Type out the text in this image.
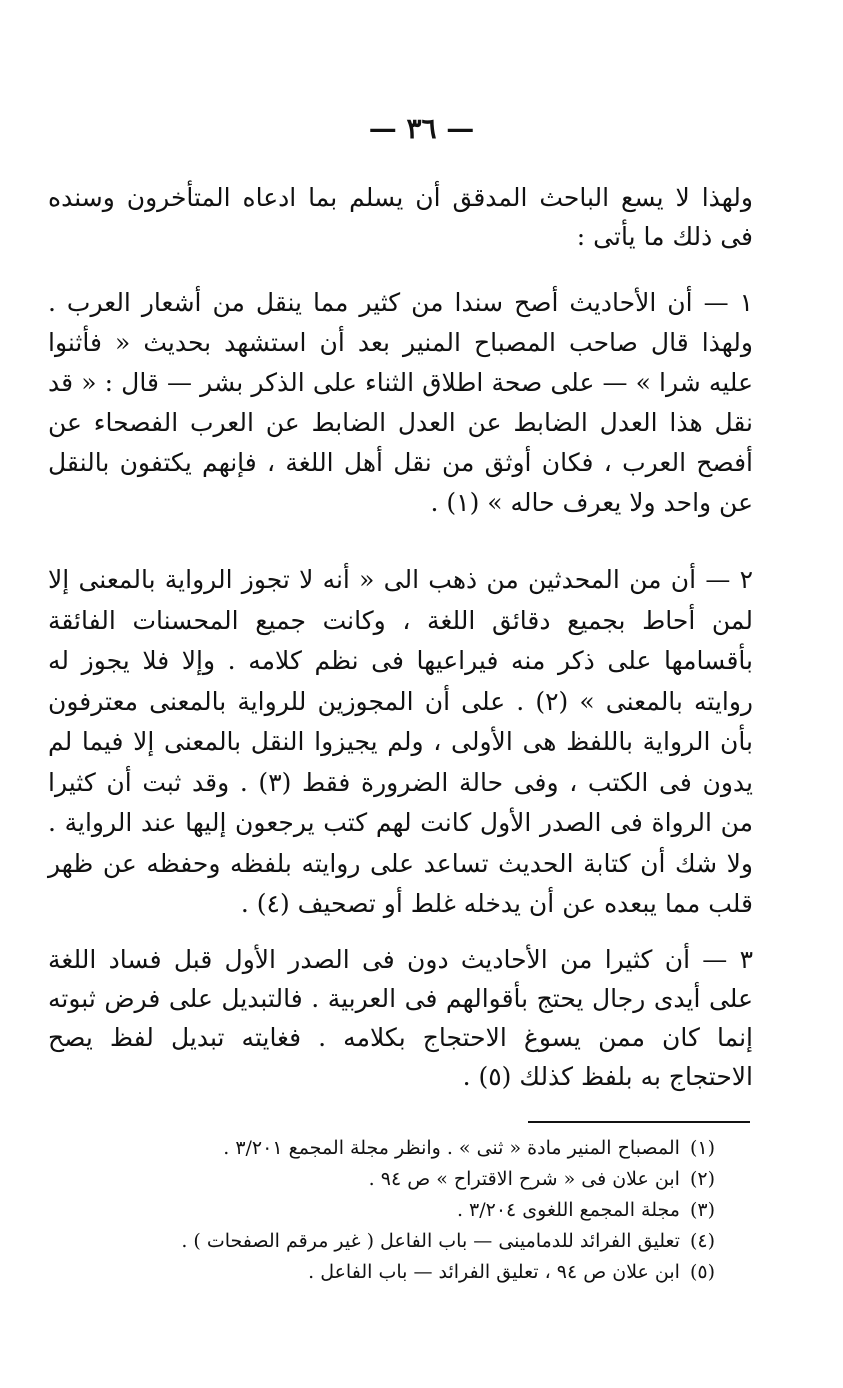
— ٣٦ —

ولهذا لا يسع الباحث المدقق أن يسلم بما ادعاه المتأخرون وسنده فى ذلك ما يأتى :

١ — أن الأحاديث أصح سندا من كثير مما ينقل من أشعار العرب . ولهذا قال صاحب المصباح المنير بعد أن استشهد بحديث « فأثنوا عليه شرا » — على صحة اطلاق الثناء على الذكر بشر — قال : « قد نقل هذا العدل الضابط عن العدل الضابط عن العرب الفصحاء عن أفصح العرب ، فكان أوثق من نقل أهل اللغة ، فإنهم يكتفون بالنقل عن واحد ولا يعرف حاله » (١) .

٢ — أن من المحدثين من ذهب الى « أنه لا تجوز الرواية بالمعنى إلا لمن أحاط بجميع دقائق اللغة ، وكانت جميع المحسنات الفائقة بأقسامها على ذكر منه فيراعيها فى نظم كلامه . وإلا فلا يجوز له روايته بالمعنى » (٢) . على أن المجوزين للرواية بالمعنى معترفون بأن الرواية باللفظ هى الأولى ، ولم يجيزوا النقل بالمعنى إلا فيما لم يدون فى الكتب ، وفى حالة الضرورة فقط (٣) . وقد ثبت أن كثيرا من الرواة فى الصدر الأول كانت لهم كتب يرجعون إليها عند الرواية . ولا شك أن كتابة الحديث تساعد على روايته بلفظه وحفظه عن ظهر قلب مما يبعده عن أن يدخله غلط أو تصحيف (٤) .

٣ — أن كثيرا من الأحاديث دون فى الصدر الأول قبل فساد اللغة على أيدى رجال يحتج بأقوالهم فى العربية . فالتبديل على فرض ثبوته إنما كان ممن يسوغ الاحتجاج بكلامه . فغايته تبديل لفظ يصح الاحتجاج به بلفظ كذلك (٥) .

(١)المصباح المنير مادة « ثنى » . وانظر مجلة المجمع ٣/٢٠١ .
(٢)ابن علان فى « شرح الاقتراح » ص ٩٤ .
(٣)مجلة المجمع اللغوى ٣/٢٠٤ .
(٤)تعليق الفرائد للدمامينى — باب الفاعل ( غير مرقم الصفحات ) .
(٥)ابن علان ص ٩٤ ، تعليق الفرائد — باب الفاعل .
